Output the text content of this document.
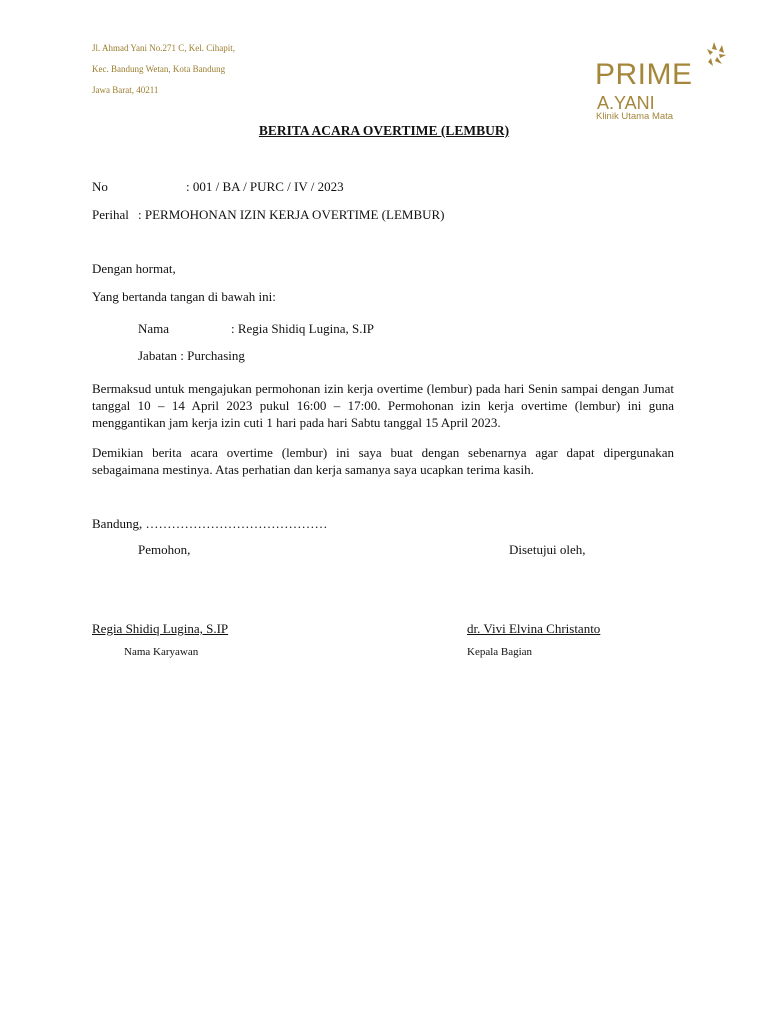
Jl. Ahmad Yani No.271 C, Kel. Cihapit,
Kec. Bandung Wetan, Kota Bandung
Jawa Barat, 40211	PRIME
A.YANI
Klinik Utama Mata
BERITA ACARA OVERTIME (LEMBUR)
No	: 001 / BA / PURC / IV / 2023
Perihal : PERMOHONAN IZIN KERJA OVERTIME (LEMBUR)
Dengan hormat,
Yang bertanda tangan di bawah ini:
Nama	: Regia Shidiq Lugina, S.IP
Jabatan : Purchasing
Bermaksud untuk mengajukan permohonan izin kerja overtime (lembur) pada hari Senin sampai dengan Jumat tanggal 10 – 14 April 2023 pukul 16:00 – 17:00. Permohonan izin kerja overtime (lembur) ini guna menggantikan jam kerja izin cuti 1 hari pada hari Sabtu tanggal 15 April 2023.
Demikian berita acara overtime (lembur) ini saya buat dengan sebenarnya agar dapat dipergunakan sebagaimana mestinya. Atas perhatian dan kerja samanya saya ucapkan terima kasih.
Bandung, ……………………………………
Pemohon,	Disetujui oleh,
Regia Shidiq Lugina, S.IP	dr. Vivi Elvina Christanto
Nama Karyawan	Kepala Bagian
